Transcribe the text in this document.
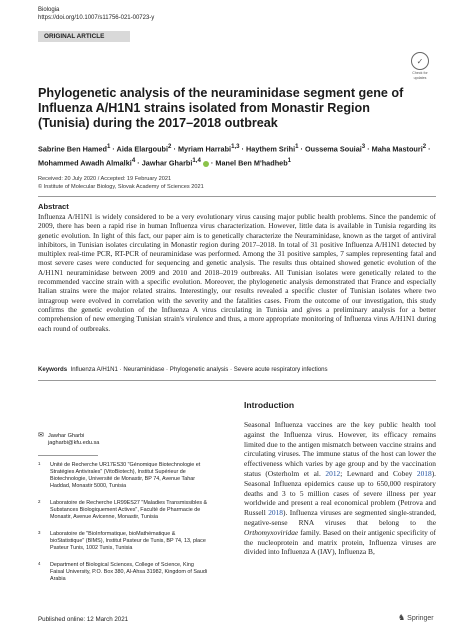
Biologia
https://doi.org/10.1007/s11756-021-00723-y
ORIGINAL ARTICLE
✓
Check for
updates
Phylogenetic analysis of the neuraminidase segment gene of Influenza A/H1N1 strains isolated from Monastir Region (Tunisia) during the 2017–2018 outbreak
Sabrine Ben Hamed$^1$ · Aida Elargoubi$^2$ · Myriam Harrabi$^{1,3}$ · Haythem Srihi$^1$ · Oussema Souiai$^3$ · Maha Mastouri$^2$ ·
Mohammed Awadh Almalki$^4$ · Jawhar Gharbi$^{1,4}$  · Manel Ben M'hadheb$^1$
Received: 20 July 2020 / Accepted: 19 February 2021
© Institute of Molecular Biology, Slovak Academy of Sciences 2021
Abstract
Influenza A/H1N1 is widely considered to be a very evolutionary virus causing major public health problems. Since the pandemic of 2009, there has been a rapid rise in human Influenza virus characterization. However, little data is available in Tunisia regarding its genetic evolution. In light of this fact, our paper aim is to genetically characterize the Neuraminidase, known as the target of antiviral inhibitors, in Tunisian isolates circulating in Monastir region during 2017–2018. In total of 31 positive Influenza A/H1N1 detected by multiplex real-time PCR, RT-PCR of neuraminidase was performed. Among the 31 positive samples, 7 samples representing fatal and most severe cases were conducted for sequencing and genetic analysis. The results thus obtained showed genetic evolution of the A/H1N1 neuraminidase between 2009 and 2010 and 2018–2019 outbreaks. All Tunisian isolates were genetically related to the recommended vaccine strain with a specific evolution. Moreover, the phylogenetic analysis demonstrated that France and especially Italian strains were the major related strains. Interestingly, our results revealed a specific cluster of Tunisian isolates where two intragroup were evolved in correlation with the severity and the fatalities cases. From the outcome of our investigation, this study confirms the genetic evolution of the Influenza A virus circulating in Tunisia and gives a preliminary analysis for a better comprehension of new emerging Tunisian strain's virulence and thus, a more appropriate monitoring of Influenza virus A/H1N1 during each round of outbreaks.
Keywords Influenza A/H1N1 · Neuraminidase · Phylogenetic analysis · Severe acute respiratory infections
✉ Jawhar Gharbi
jagharbi@kfu.edu.sa
1	Unité de Recherche UR17ES30 "Génomique Biotechnologie et Stratégies Antivirales" (VitoBiotech), Institut Supérieur de Biotechnologie, Université de Monastir, BP 74, Avenue Tahar Haddad, Monastir 5000, Tunisia
2	Laboratoire de Recherche LR99ES27 "Maladies Transmissibles & Substances Biologiquement Actives", Faculté de Pharmacie de Monastir, Avenue Avicenne, Monastir, Tunisia
3	Laboratoire de "BioInformatique, bioMathématique & bioStatistique" (BIMS), Institut Pasteur de Tunis, BP 74, 13, place Pasteur Tunis, 1002 Tunis, Tunisia
4	Department of Biological Sciences, College of Science, King Faisal University, P.O. Box 380, Al-Ahsa 31982, Kingdom of Saudi Arabia
Introduction
Seasonal Influenza vaccines are the key public health tool against the Influenza virus. However, its efficacy remains limited due to the antigen mismatch between vaccine strains and circulating viruses. The immune status of the host can lower the effectiveness which varies by age group and by the vaccination status (Osterholm et al. 2012; Lewnard and Cobey 2018). Seasonal Influenza epidemics cause up to 650,000 respiratory deaths and 3 to 5 million cases of severe illness per year worldwide and present a real economical problem (Petrova and Russell 2018). Influenza viruses are segmented single-stranded, negative-sense RNA viruses that belong to the Orthomyxoviridae family. Based on their antigenic specificity of the nucleoprotein and matrix protein, Influenza viruses are divided into Influenza A (IAV), Influenza B,
Published online: 12 March 2021	♞ Springer
